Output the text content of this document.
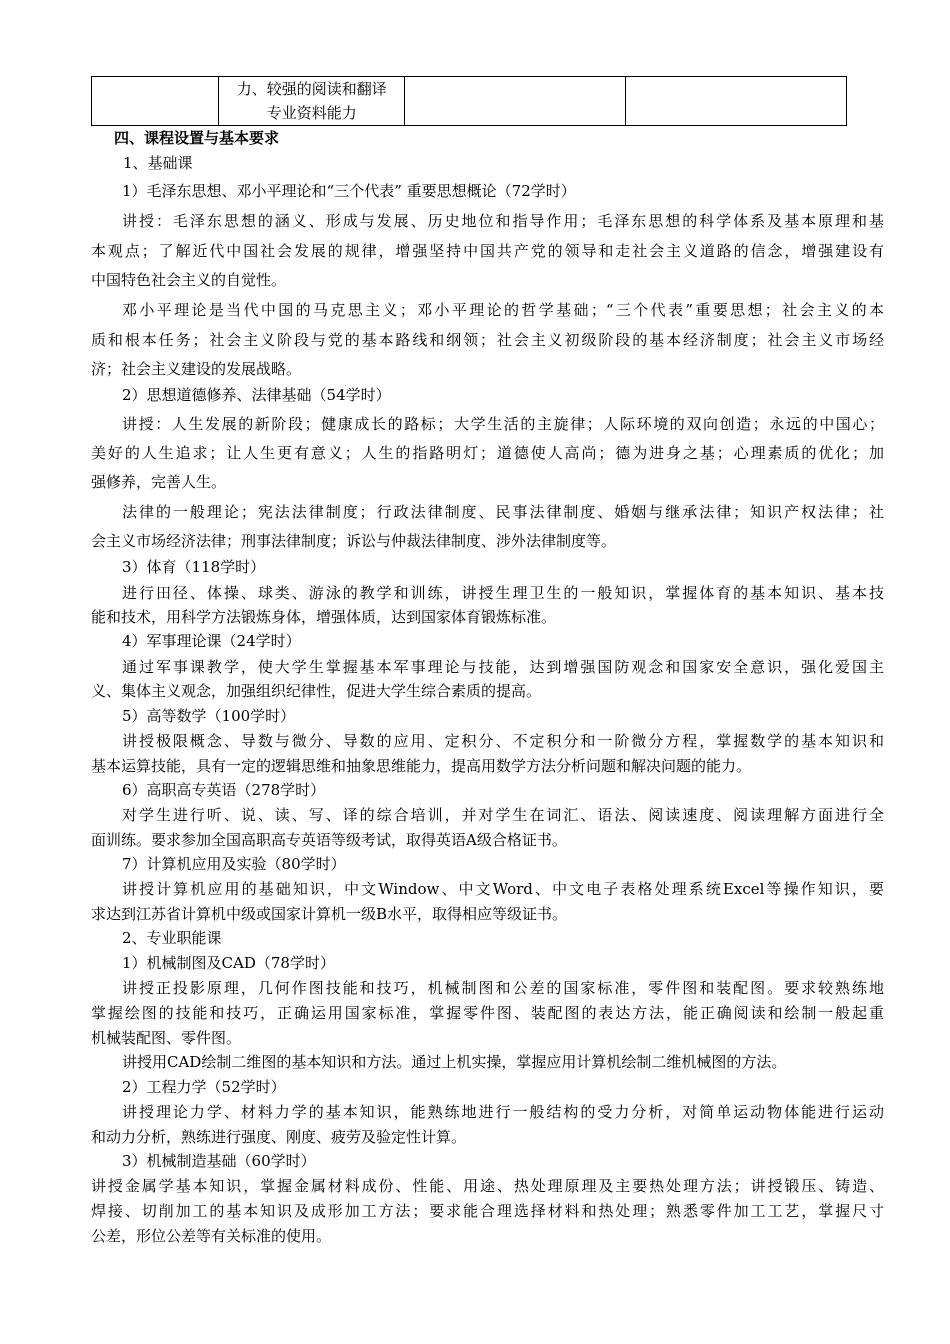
力、较强的阅读和翻译
专业资料能力

四、课程设置与基本要求
1、基础课
1）毛泽东思想、邓小平理论和“三个代表” 重要思想概论（72学时）
讲授：毛泽东思想的涵义、形成与发展、历史地位和指导作用；毛泽东思想的科学体系及基本原理和基
本观点；了解近代中国社会发展的规律，增强坚持中国共产党的领导和走社会主义道路的信念，增强建设有
中国特色社会主义的自觉性。
邓小平理论是当代中国的马克思主义；邓小平理论的哲学基础；“三个代表”重要思想；社会主义的本
质和根本任务；社会主义阶段与党的基本路线和纲领；社会主义初级阶段的基本经济制度；社会主义市场经
济；社会主义建设的发展战略。
2）思想道德修养、法律基础（54学时）
讲授：人生发展的新阶段；健康成长的路标；大学生活的主旋律；人际环境的双向创造；永远的中国心；
美好的人生追求；让人生更有意义；人生的指路明灯；道德使人高尚；德为进身之基；心理素质的优化；加
强修养，完善人生。
法律的一般理论；宪法法律制度；行政法律制度、民事法律制度、婚姻与继承法律；知识产权法律；社
会主义市场经济法律；刑事法律制度；诉讼与仲裁法律制度、涉外法律制度等。
3）体育（118学时）
进行田径、体操、球类、游泳的教学和训练，讲授生理卫生的一般知识，掌握体育的基本知识、基本技
能和技术，用科学方法锻炼身体，增强体质，达到国家体育锻炼标准。
4）军事理论课（24学时）
通过军事课教学，使大学生掌握基本军事理论与技能，达到增强国防观念和国家安全意识，强化爱国主
义、集体主义观念，加强组织纪律性，促进大学生综合素质的提高。
5）高等数学（100学时）
讲授极限概念、导数与微分、导数的应用、定积分、不定积分和一阶微分方程，掌握数学的基本知识和
基本运算技能，具有一定的逻辑思维和抽象思维能力，提高用数学方法分析问题和解决问题的能力。
6）高职高专英语（278学时）
对学生进行听、说、读、写、译的综合培训，并对学生在词汇、语法、阅读速度、阅读理解方面进行全
面训练。要求参加全国高职高专英语等级考试，取得英语A级合格证书。
7）计算机应用及实验（80学时）
讲授计算机应用的基础知识，中文Window、中文Word、中文电子表格处理系统Excel等操作知识，要
求达到江苏省计算机中级或国家计算机一级B水平，取得相应等级证书。
2、专业职能课
1）机械制图及CAD（78学时）
讲授正投影原理，几何作图技能和技巧，机械制图和公差的国家标准，零件图和装配图。要求较熟练地
掌握绘图的技能和技巧，正确运用国家标准，掌握零件图、装配图的表达方法，能正确阅读和绘制一般起重
机械装配图、零件图。
讲授用CAD绘制二维图的基本知识和方法。通过上机实操，掌握应用计算机绘制二维机械图的方法。
2）工程力学（52学时）
讲授理论力学、材料力学的基本知识，能熟练地进行一般结构的受力分析，对简单运动物体能进行运动
和动力分析，熟练进行强度、刚度、疲劳及验定性计算。
3）机械制造基础（60学时）
讲授金属学基本知识，掌握金属材料成份、性能、用途、热处理原理及主要热处理方法；讲授锻压、铸造、
焊接、切削加工的基本知识及成形加工方法；要求能合理选择材料和热处理；熟悉零件加工工艺，掌握尺寸
公差，形位公差等有关标准的使用。
